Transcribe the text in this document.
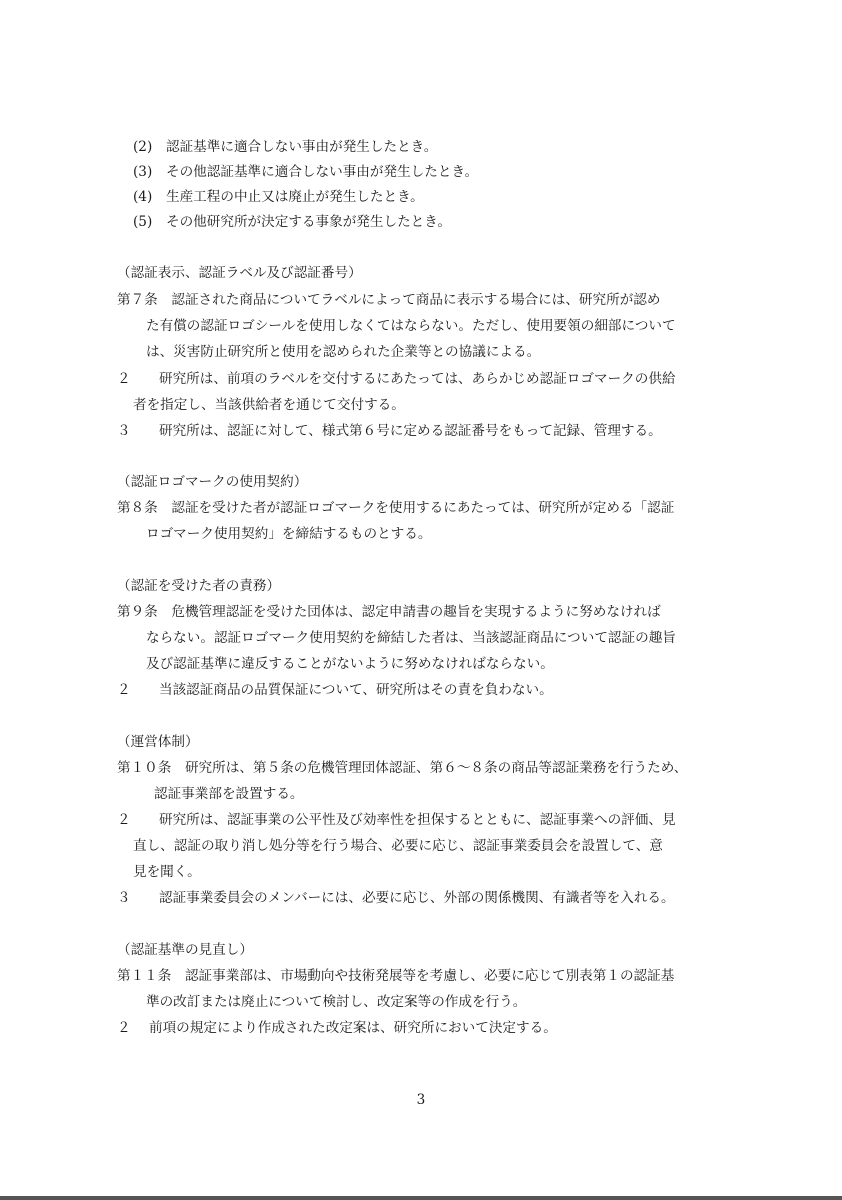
(2) 認証基準に適合しない事由が発生したとき。
(3) その他認証基準に適合しない事由が発生したとき。
(4) 生産工程の中止又は廃止が発生したとき。
(5) その他研究所が決定する事象が発生したとき。
（認証表示、認証ラベル及び認証番号）
第７条　認証された商品についてラベルによって商品に表示する場合には、研究所が認め
た有償の認証ロゴシールを使用しなくてはならない。ただし、使用要領の細部について
は、災害防止研究所と使用を認められた企業等との協議による。
２ 研究所は、前項のラベルを交付するにあたっては、あらかじめ認証ロゴマークの供給
者を指定し、当該供給者を通じて交付する。
３ 研究所は、認証に対して、様式第６号に定める認証番号をもって記録、管理する。
（認証ロゴマークの使用契約）
第８条　認証を受けた者が認証ロゴマークを使用するにあたっては、研究所が定める「認証
ロゴマーク使用契約」を締結するものとする。
（認証を受けた者の責務）
第９条　危機管理認証を受けた団体は、認定申請書の趣旨を実現するように努めなければ
ならない。認証ロゴマーク使用契約を締結した者は、当該認証商品について認証の趣旨
及び認証基準に違反することがないように努めなければならない。
２ 当該認証商品の品質保証について、研究所はその責を負わない。
（運営体制）
第１０条　研究所は、第５条の危機管理団体認証、第６～８条の商品等認証業務を行うため、
認証事業部を設置する。
２ 研究所は、認証事業の公平性及び効率性を担保するとともに、認証事業への評価、見
直し、認証の取り消し処分等を行う場合、必要に応じ、認証事業委員会を設置して、意
見を聞く。
３ 認証事業委員会のメンバーには、必要に応じ、外部の関係機関、有識者等を入れる。
（認証基準の見直し）
第１１条　認証事業部は、市場動向や技術発展等を考慮し、必要に応じて別表第１の認証基
準の改訂または廃止について検討し、改定案等の作成を行う。
２ 前項の規定により作成された改定案は、研究所において決定する。
3
